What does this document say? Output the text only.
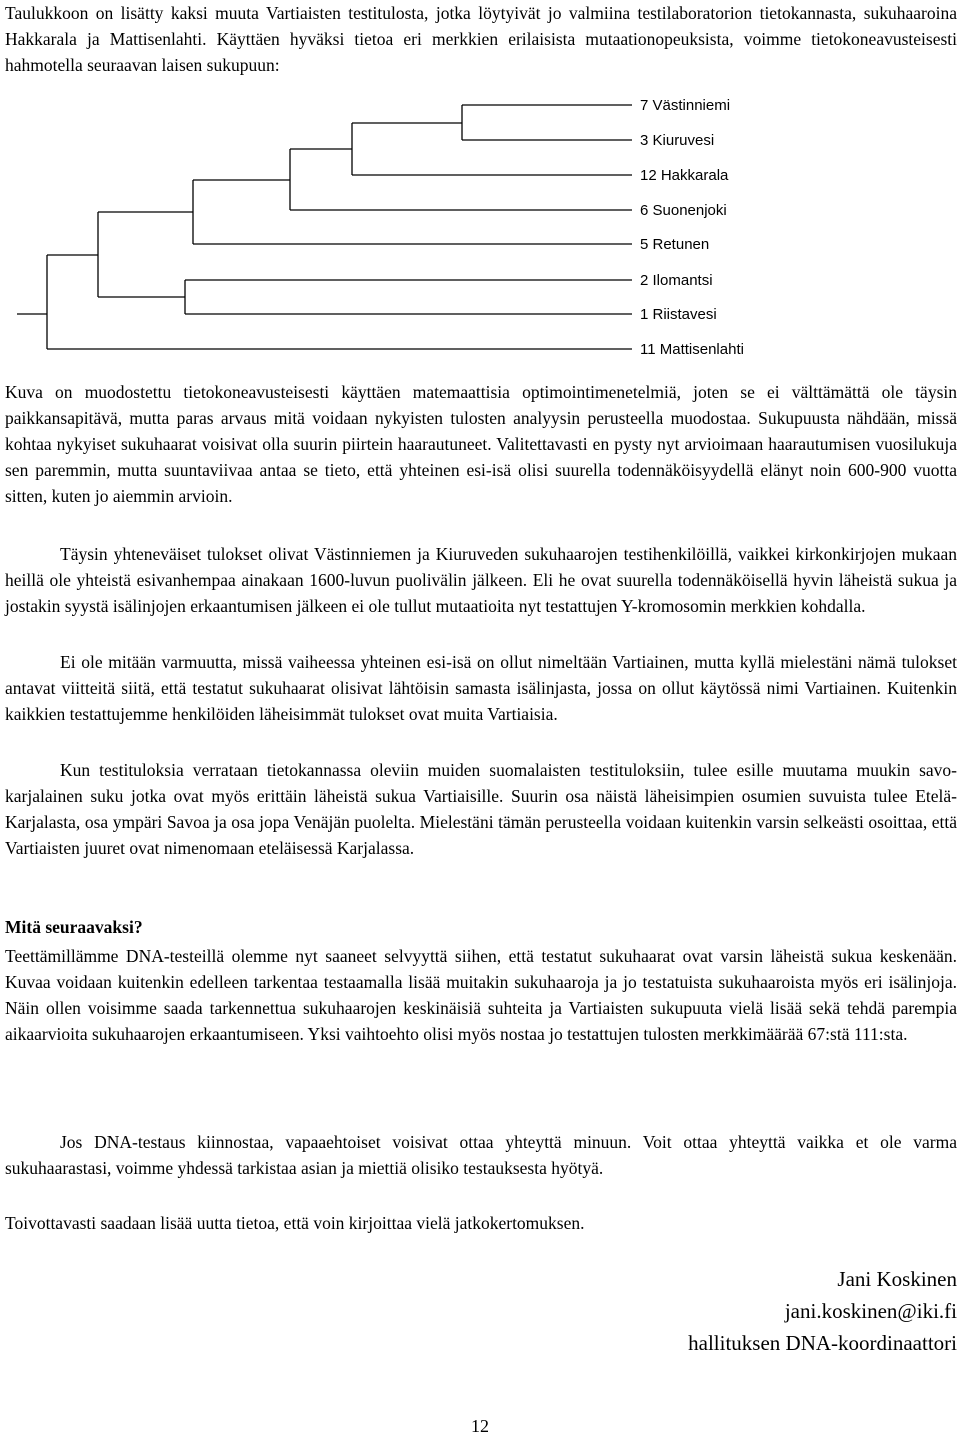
Taulukkoon on lisätty kaksi muuta Vartiaisten testitulosta, jotka löytyivät jo valmiina testilaboratorion tietokannasta, sukuhaaroina Hakkarala ja Mattisenlahti. Käyttäen hyväksi tietoa eri merkkien erilaisista mutaationopeuksista, voimme tietokoneavusteisesti hahmotella seuraavan laisen sukupuun:

7 Västinniemi
3 Kiuruvesi
12 Hakkarala
6 Suonenjoki
5 Retunen
2 Ilomantsi
1 Riistavesi
11 Mattisenlahti

Kuva on muodostettu tietokoneavusteisesti käyttäen matemaattisia optimointimenetelmiä, joten se ei välttämättä ole täysin paikkansapitävä, mutta paras arvaus mitä voidaan nykyisten tulosten analyysin perusteella muodostaa. Sukupuusta nähdään, missä kohtaa nykyiset sukuhaarat voisivat olla suurin piirtein haarautuneet. Valitettavasti en pysty nyt arvioimaan haarautumisen vuosilukuja sen paremmin, mutta suuntaviivaa antaa se tieto, että yhteinen esi-isä olisi suurella todennäköisyydellä elänyt noin 600-900 vuotta sitten, kuten jo aiemmin arvioin.

Täysin yhteneväiset tulokset olivat Västinniemen ja Kiuruveden sukuhaarojen testihenkilöillä, vaikkei kirkonkirjojen mukaan heillä ole yhteistä esivanhempaa ainakaan 1600-luvun puolivälin jälkeen. Eli he ovat suurella todennäköisellä hyvin läheistä sukua ja jostakin syystä isälinjojen erkaantumisen jälkeen ei ole tullut mutaatioita nyt testattujen Y-kromosomin merkkien kohdalla.

Ei ole mitään varmuutta, missä vaiheessa yhteinen esi-isä on ollut nimeltään Vartiainen, mutta kyllä mielestäni nämä tulokset antavat viitteitä siitä, että testatut sukuhaarat olisivat lähtöisin samasta isälinjasta, jossa on ollut käytössä nimi Vartiainen. Kuitenkin kaikkien testattujemme henkilöiden läheisimmät tulokset ovat muita Vartiaisia.

Kun testituloksia verrataan tietokannassa oleviin muiden suomalaisten testituloksiin, tulee esille muutama muukin savo-karjalainen suku jotka ovat myös erittäin läheistä sukua Vartiaisille. Suurin osa näistä läheisimpien osumien suvuista tulee Etelä-Karjalasta, osa ympäri Savoa ja osa jopa Venäjän puolelta. Mielestäni tämän perusteella voidaan kuitenkin varsin selkeästi osoittaa, että Vartiaisten juuret ovat nimenomaan eteläisessä Karjalassa.

Mitä seuraavaksi?

Teettämillämme DNA-testeillä olemme nyt saaneet selvyyttä siihen, että testatut sukuhaarat ovat varsin läheistä sukua keskenään. Kuvaa voidaan kuitenkin edelleen tarkentaa testaamalla lisää muitakin sukuhaaroja ja jo testatuista sukuhaaroista myös eri isälinjoja. Näin ollen voisimme saada tarkennettua sukuhaarojen keskinäisiä suhteita ja Vartiaisten sukupuuta vielä lisää sekä tehdä parempia aikaarvioita sukuhaarojen erkaantumiseen. Yksi vaihtoehto olisi myös nostaa jo testattujen tulosten merkkimäärää 67:stä 111:sta.

Jos DNA-testaus kiinnostaa, vapaaehtoiset voisivat ottaa yhteyttä minuun. Voit ottaa yhteyttä vaikka et ole varma sukuhaarastasi, voimme yhdessä tarkistaa asian ja miettiä olisiko testauksesta hyötyä.

Toivottavasti saadaan lisää uutta tietoa, että voin kirjoittaa vielä jatkokertomuksen.

Jani Koskinen

jani.koskinen@iki.fi

hallituksen DNA-koordinaattori

12
